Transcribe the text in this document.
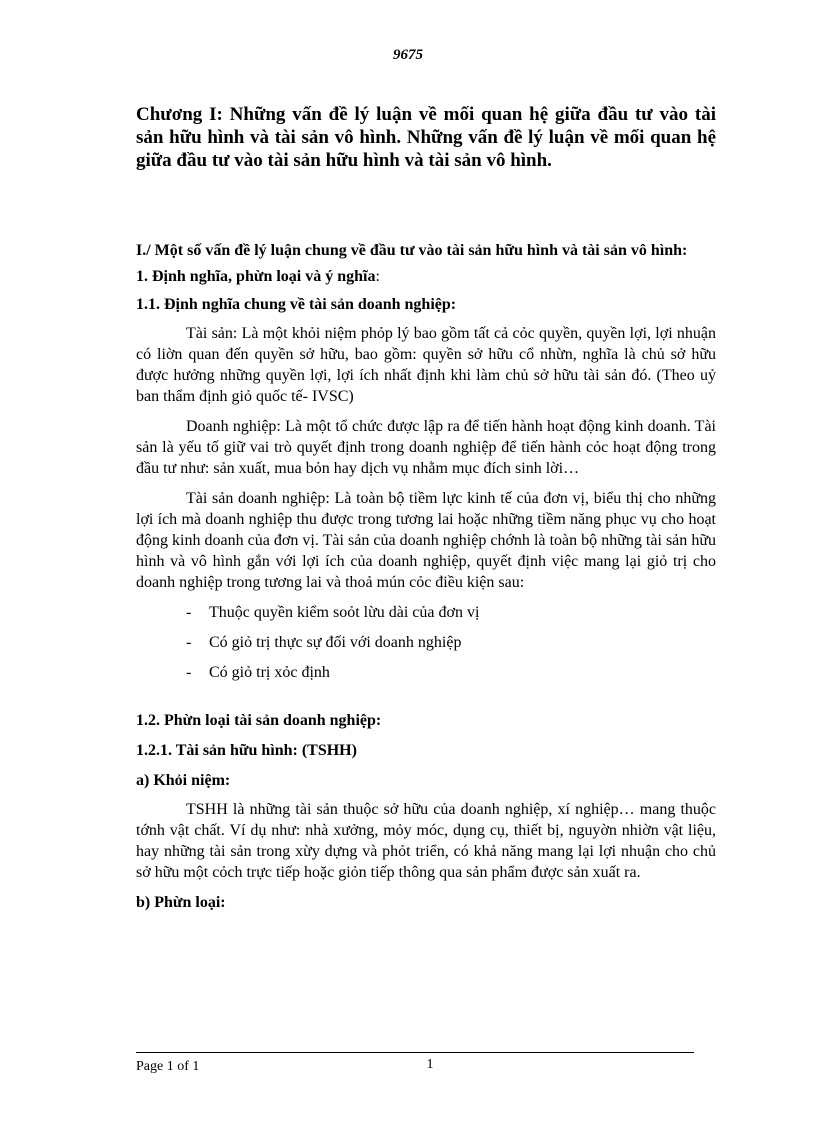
9675

Chương I: Những vấn đề lý luận về mối quan hệ giữa đầu tư vào tài sản hữu hình và tài sản vô hình. Những vấn đề lý luận về mối quan hệ giữa đầu tư vào tài sản hữu hình và tài sản vô hình.

I./ Một số vấn đề lý luận chung về đầu tư vào tài sản hữu hình và tài sản vô hình:

1. Định nghĩa, phừn loại và ý nghĩa:

1.1. Định nghĩa chung về tài sản doanh nghiệp:

Tài sản: Là một khỏi niệm phỏp lý bao gồm tất cả cỏc quyền, quyền lợi, lợi nhuận có liờn quan đến quyền sở hữu, bao gồm: quyền sở hữu cổ nhừn, nghĩa là chủ sở hữu được hưởng những quyền lợi, lợi ích nhất định khi làm chủ sở hữu tài sản đó. (Theo uỷ ban thẩm định giỏ quốc tế- IVSC)

Doanh nghiệp: Là một tổ chức được lập ra để tiến hành hoạt động kinh doanh. Tài sản là yếu tố giữ vai trò quyết định trong doanh nghiệp để tiến hành cỏc hoạt động trong đầu tư như: sản xuất, mua bỏn hay dịch vụ nhằm mục đích sinh lời…

Tài sản doanh nghiệp: Là toàn bộ tiềm lực kinh tế của đơn vị, biểu thị cho những lợi ích mà doanh nghiệp thu được trong tương lai hoặc những tiềm năng phục vụ cho hoạt động kinh doanh của đơn vị. Tài sản của doanh nghiệp chớnh là toàn bộ những tài sản hữu hình và vô hình gắn với lợi ích của doanh nghiệp, quyết định việc mang lại giỏ trị cho doanh nghiệp trong tương lai và thoả mún cỏc điều kiện sau:

- Thuộc quyền kiểm soỏt lừu dài của đơn vị
- Có giỏ trị thực sự đối với doanh nghiệp
- Có giỏ trị xỏc định

1.2. Phừn loại tài sản doanh nghiệp:

1.2.1. Tài sản hữu hình: (TSHH)

a) Khỏi niệm:

TSHH là những tài sản thuộc sở hữu của doanh nghiệp, xí nghiệp… mang thuộc tớnh vật chất. Ví dụ như: nhà xưởng, mỏy móc, dụng cụ, thiết bị, nguyờn nhiờn vật liệu, hay những tài sản trong xừy dựng và phỏt triển, có khả năng mang lại lợi nhuận cho chủ sở hữu một cỏch trực tiếp hoặc giỏn tiếp thông qua sản phẩm được sản xuất ra.

b) Phừn loại:

Page 1 of 1	1
